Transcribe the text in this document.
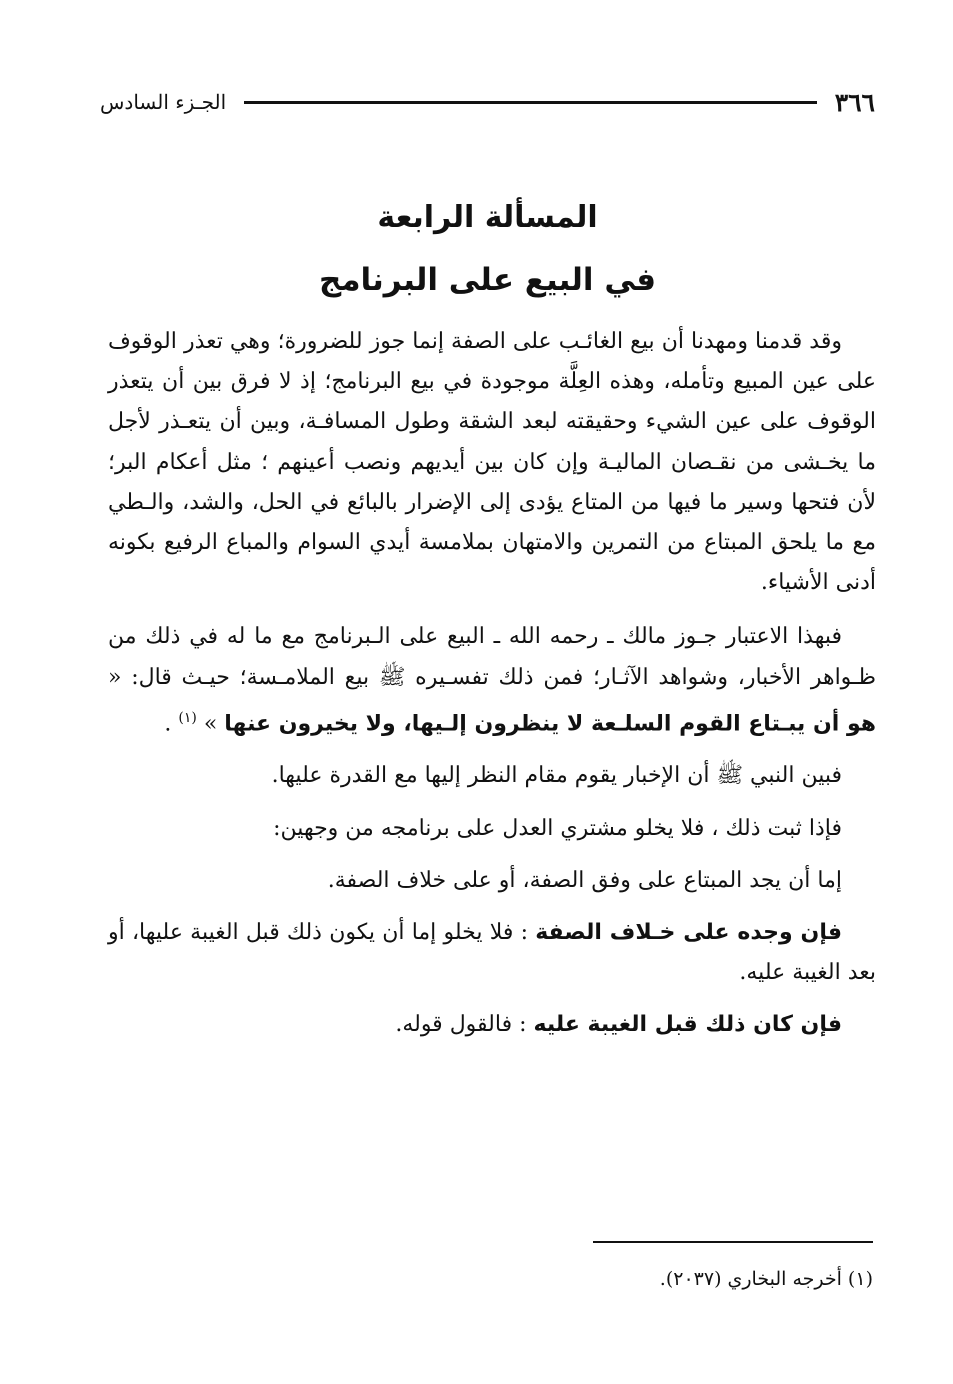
٣٦٦
الجـزء السادس
المسألة الرابعة
في البيع على البرنامج

وقد قدمنا ومهدنا أن بيع الغائـب على الصفة إنما جوز للضرورة؛ وهي تعذر الوقوف على عين المبيع وتأمله، وهذه العِلَّة موجودة في بيع البرنامج؛ إذ لا فرق بين أن يتعذر الوقوف على عين الشيء وحقيقته لبعد الشقة وطول المسافـة، وبين أن يتعـذر لأجل ما يخـشى من نقـصان الماليـة وإن كان بين أيديهم ونصب أعينهم ؛ مثل أعكام البر؛ لأن فتحها وسير ما فيها من المتاع يؤدى إلى الإضرار بالبائع في الحل، والشد، والـطي مع ما يلحق المبتاع من التمرين والامتهان بملامسة أيدي السوام والمباع الرفيع بكونه أدنى الأشياء.

فبهذا الاعتبار جـوز مالك ـ رحمه الله ـ البيع على الـبرنامج مع ما له في ذلك من ظـواهر الأخبار، وشواهد الآثـار؛ فمن ذلك تفسـيره ﷺ بيع الملامـسة؛ حيـث قال: « هو أن يبـتاع القوم السلـعة لا ينظرون إلـيها، ولا يخيرون عنها » $^{(١)}$ .

فبين النبي ﷺ أن الإخبار يقوم مقام النظر إليها مع القدرة عليها.

فإذا ثبت ذلك ، فلا يخلو مشتري العدل على برنامجه من وجهين:

إما أن يجد المبتاع على وفق الصفة، أو على خلاف الصفة.

فإن وجده على خـلاف الصفة : فلا يخلو إما أن يكون ذلك قبل الغيبة عليها، أو بعد الغيبة عليه.

فإن كان ذلك قبل الغيبة عليه : فالقول قوله.

(١) أخرجه البخاري (٢٠٣٧).
